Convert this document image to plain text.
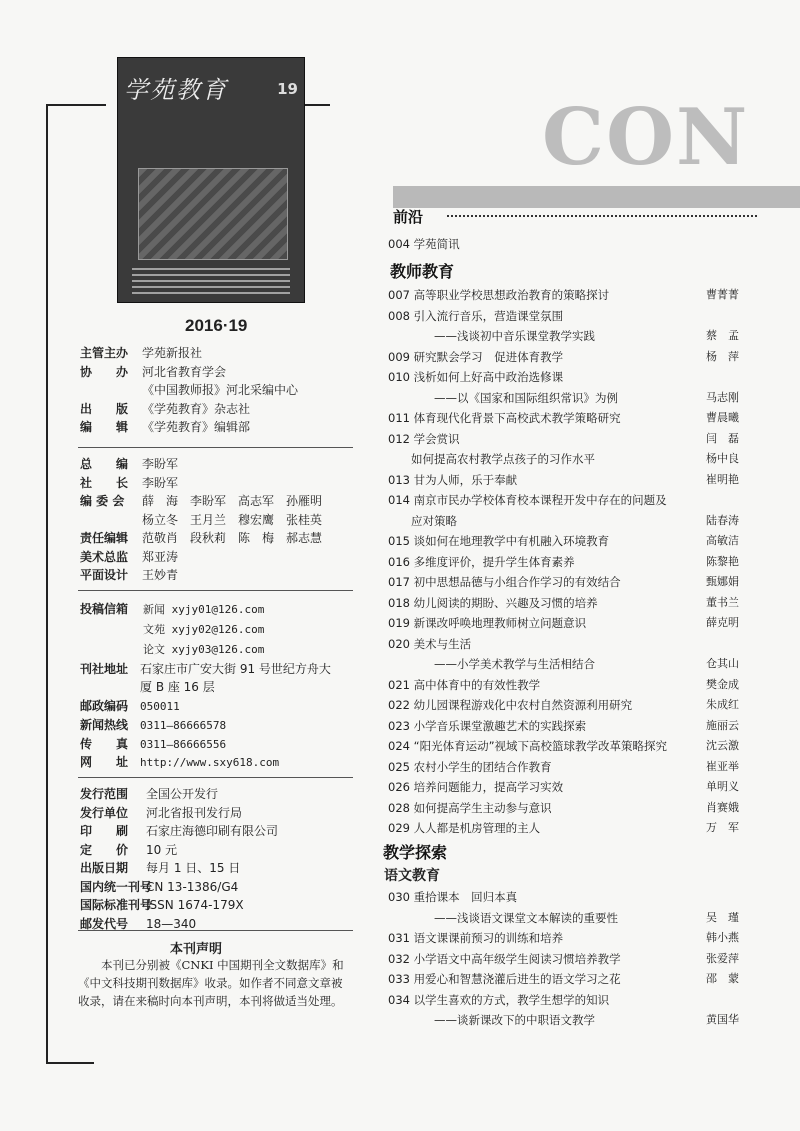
学苑教育	19
2016·19
主管主办 学苑新报社
协　　办 河北省教育学会
《中国教师报》河北采编中心
出　　版 《学苑教育》杂志社
编　　辑 《学苑教育》编辑部
总　　编 李盼军
社　　长 李盼军
编 委 会 薛　海　李盼军　高志军　孙雁明
杨立冬　王月兰　穆宏鹰　张桂英
责任编辑 范敬肖　段秋莉　陈　梅　郝志慧
美术总监 郑亚涛
平面设计 王妙青
投稿信箱 新闻 xyjy01@126.com
文苑 xyjy02@126.com
论文 xyjy03@126.com
刊社地址 石家庄市广安大街 91 号世纪方舟大
厦 B 座 16 层
邮政编码 050011
新闻热线 0311—86666578
传　　真 0311—86666556
网　　址 http://www.sxy618.com
发行范围 全国公开发行
发行单位 河北省报刊发行局
印　　刷 石家庄海德印刷有限公司
定　　价 10 元
出版日期 每月 1 日、15 日
国内统一刊号CN 13-1386/G4
国际标准刊号ISSN 1674-179X
邮发代号 18—340
本刊声明
本刊已分别被《CNKI 中国期刊全文数据库》和《中文科技期刊数据库》收录。如作者不同意文章被收录，请在来稿时向本刊声明，本刊将做适当处理。
CON
前沿
004 学苑简讯
教师教育
007 高等职业学校思想政治教育的策略探讨	曹菁菁
008 引入流行音乐，营造课堂氛围
　　　　——浅谈初中音乐课堂教学实践	蔡　孟
009 研究默会学习　促进体育教学	杨　萍
010 浅析如何上好高中政治选修课
　　　　——以《国家和国际组织常识》为例	马志刚
011 体育现代化背景下高校武术教学策略研究	曹晨曦
012 学会赏识	闫　磊
　　如何提高农村教学点孩子的习作水平	杨中良
013 甘为人师，乐于奉献	崔明艳
014 南京市民办学校体育校本课程开发中存在的问题及
　　应对策略	陆春涛
015 谈如何在地理教学中有机融入环境教育	高敏洁
016 多维度评价，提升学生体育素养	陈黎艳
017 初中思想品德与小组合作学习的有效结合	甄娜娟
018 幼儿阅读的期盼、兴趣及习惯的培养	董书兰
019 新课改呼唤地理教师树立问题意识	薛克明
020 美术与生活
　　　　——小学美术教学与生活相结合	仓其山
021 高中体育中的有效性教学	樊金成
022 幼儿园课程游戏化中农村自然资源利用研究	朱成红
023 小学音乐课堂激趣艺术的实践探索	施丽云
024 “阳光体育运动”视域下高校篮球教学改革策略探究	沈云激
025 农村小学生的团结合作教育	崔亚举
026 培养问题能力，提高学习实效	单明义
028 如何提高学生主动参与意识	肖赛娥
029 人人都是机房管理的主人	万　军
教学探索
语文教育
030 重拾课本　回归本真
　　　　——浅谈语文课堂文本解读的重要性	吴　瑾
031 语文课课前预习的训练和培养	韩小燕
032 小学语文中高年级学生阅读习惯培养教学	张爱萍
033 用爱心和智慧浇灌后进生的语文学习之花	邵　蒙
034 以学生喜欢的方式，教学生想学的知识
　　　　——谈新课改下的中职语文教学	黄国华
